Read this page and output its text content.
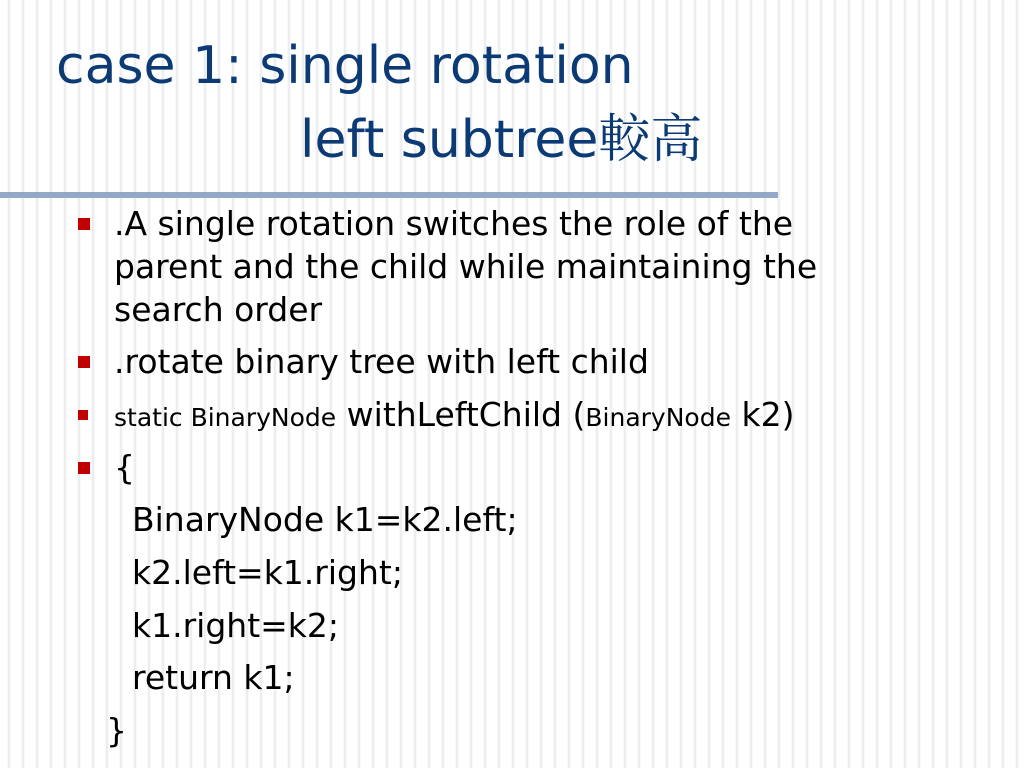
case 1: single rotation
left subtree較高
.A single rotation switches the role of the
parent and the child while maintaining the
search order
.rotate binary tree with left child
static BinaryNode withLeftChild (BinaryNode k2)
{
BinaryNode k1=k2.left;
k2.left=k1.right;
k1.right=k2;
return k1;
}
